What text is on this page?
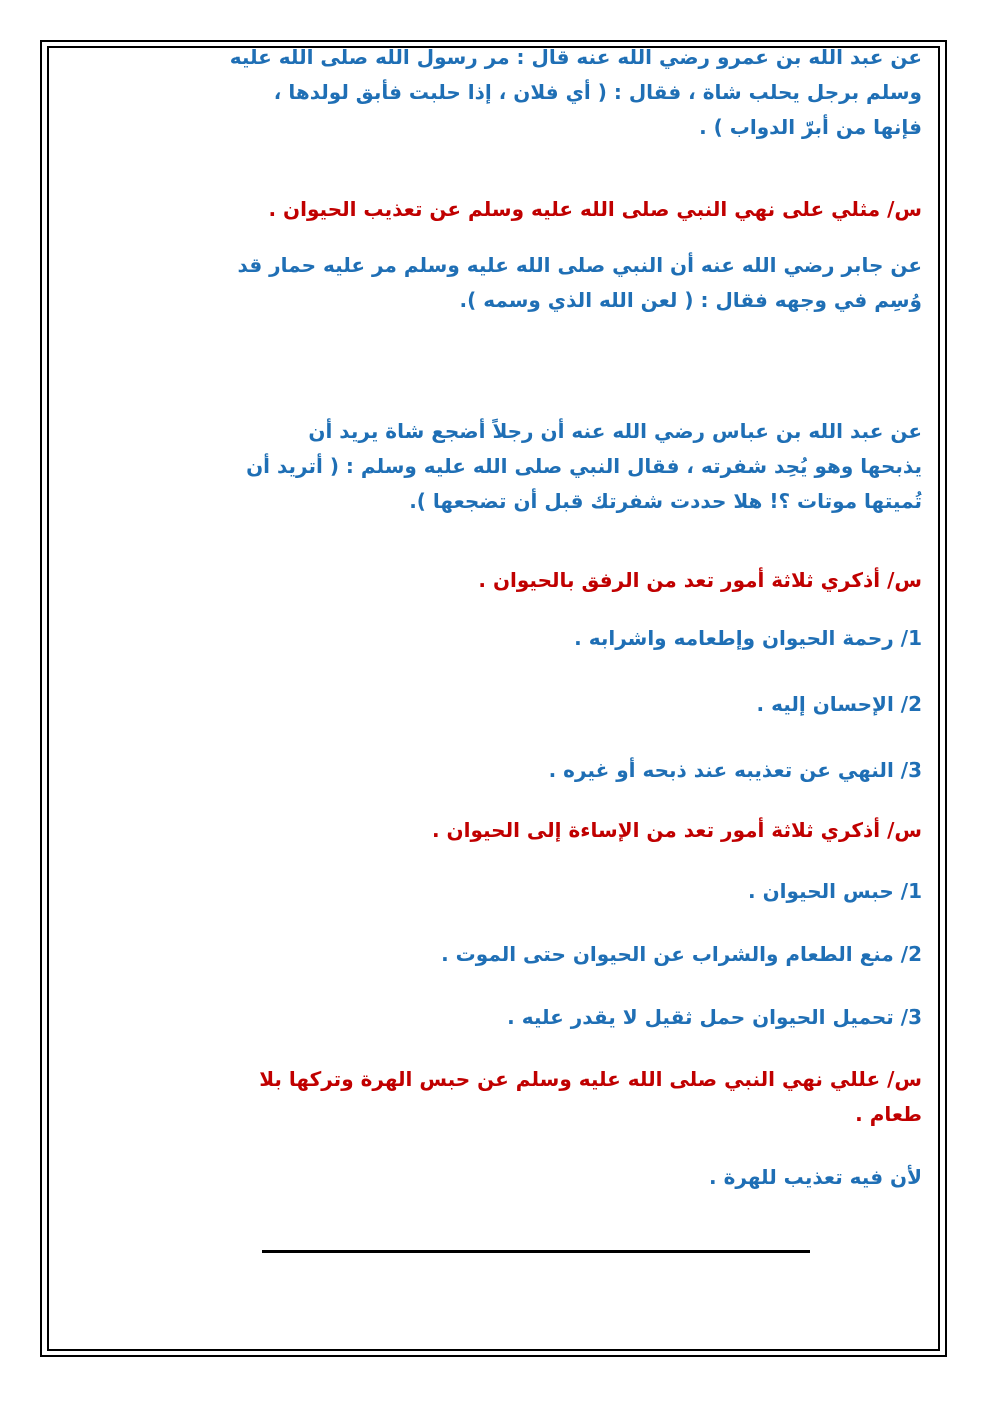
عن عبد الله بن عمرو رضي الله عنه قال : مر رسول الله صلى الله عليه
وسلم برجل يحلب شاة ، فقال : ( أي فلان ، إذا حلبت فأبق لولدها ،
فإنها من أبرّ الدواب ) .
س/ مثلي على نهي النبي صلى الله عليه وسلم عن تعذيب الحيوان .
عن جابر رضي الله عنه أن النبي صلى الله عليه وسلم مر عليه حمار قد
وُسِم في وجهه فقال : ( لعن الله الذي وسمه ).
عن عبد الله بن عباس رضي الله عنه أن رجلاً أضجع شاة يريد أن
يذبحها وهو يُحِد شفرته ، فقال النبي صلى الله عليه وسلم : ( أتريد أن
تُميتها موتات ؟! هلا حددت شفرتك قبل أن تضجعها ).
س/ أذكري ثلاثة أمور تعد من الرفق بالحيوان .
1/ رحمة الحيوان وإطعامه واشرابه .
2/ الإحسان إليه .
3/ النهي عن تعذيبه عند ذبحه أو غيره .
س/ أذكري ثلاثة أمور تعد من الإساءة إلى الحيوان .
1/ حبس الحيوان .
2/ منع الطعام والشراب عن الحيوان حتى الموت .
3/ تحميل الحيوان حمل ثقيل لا يقدر عليه .
س/ عللي نهي النبي صلى الله عليه وسلم عن حبس الهرة وتركها بلا
طعام .
لأن فيه تعذيب للهرة .
